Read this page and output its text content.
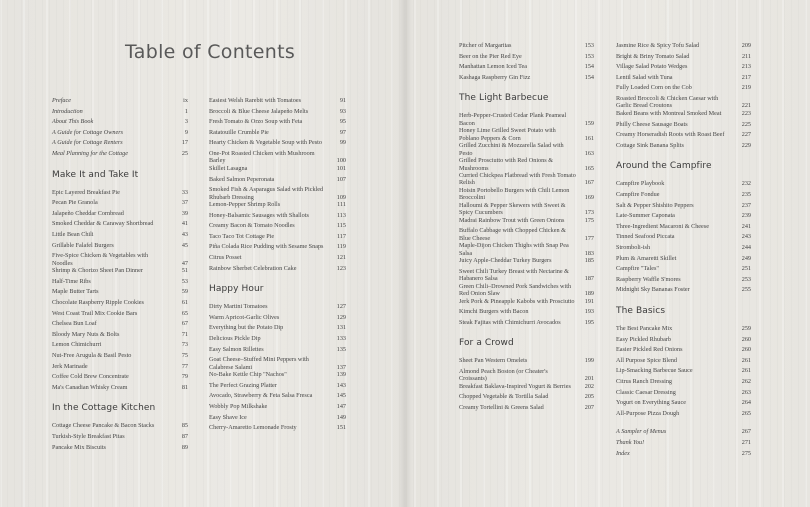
Table of Contents
Preface	ix
Introduction	1
About This Book	3
A Guide for Cottage Owners	9
A Guide for Cottage Renters	17
Meal Planning for the Cottage	25
Make It and Take It
Epic Layered Breakfast Pie	33
Pecan Pie Granola	37
Jalapeño Cheddar Cornbread	39
Smoked Cheddar & Caraway Shortbread	41
Little Bean Chili	43
Grillable Falafel Burgers	45
Five-Spice Chicken & Vegetables with Noodles	47
Shrimp & Chorizo Sheet Pan Dinner	51
Half-Time Ribs	53
Maple Butter Tarts	59
Chocolate Raspberry Ripple Cookies	61
West Coast Trail Mix Cookie Bars	65
Chelsea Bun Loaf	67
Bloody Mary Nuts & Bolts	71
Lemon Chimichurri	73
Nut-Free Arugula & Basil Pesto	75
Jerk Marinade	77
Coffee Cold Brew Concentrate	79
Ma's Canadian Whisky Cream	81
In the Cottage Kitchen
Cottage Cheese Pancake & Bacon Stacks	85
Turkish-Style Breakfast Pitas	87
Pancake Mix Biscuits	89
Easiest Welsh Rarebit with Tomatoes	91
Broccoli & Blue Cheese Jalapeño Melts	93
Fresh Tomato & Orzo Soup with Feta	95
Ratatouille Crumble Pie	97
Hearty Chicken & Vegetable Soup with Pesto	99
One-Pot Roasted Chicken with Mushroom Barley	100
Skillet Lasagna	101
Baked Salmon Peperonata	107
Smoked Fish & Asparagus Salad with Pickled Rhubarb Dressing	109
Lemon-Pepper Shrimp Rolls	111
Honey-Balsamic Sausages with Shallots	113
Creamy Bacon & Tomato Noodles	115
Taco Taco Tot Cottage Pie	117
Piña Colada Rice Pudding with Sesame Snaps	119
Citrus Posset	121
Rainbow Sherbet Celebration Cake	123
Happy Hour
Dirty Martini Tomatoes	127
Warm Apricot-Garlic Olives	129
Everything but the Potato Dip	131
Delicious Pickle Dip	133
Easy Salmon Rillettes	135
Goat Cheese–Stuffed Mini Peppers with Calabrese Salami	137
No-Bake Kettle Chip "Nachos"	139
The Perfect Grazing Platter	143
Avocado, Strawberry & Feta Salsa Fresca	145
Wobbly Pop Milkshake	147
Easy Shave Ice	149
Cherry-Amaretto Lemonade Frosty	151
Pitcher of Margaritas	153
Beer on the Pier Red Eye	153
Manhattan Lemon Iced Tea	154
Kashaga Raspberry Gin Fizz	154
The Light Barbecue
Herb-Pepper-Crusted Cedar Plank Peameal Bacon	159
Honey Lime Grilled Sweet Potato with Poblano Peppers & Corn	161
Grilled Zucchini & Mozzarella Salad with Pesto	163
Grilled Prosciutto with Red Onions & Mushrooms	165
Curried Chickpea Flatbread with Fresh Tomato Relish	167
Hoisin Portobello Burgers with Chili Lemon Broccolini	169
Halloumi & Pepper Skewers with Sweet & Spicy Cucumbers	173
Madrai Rainbow Trout with Green Onions	175
Buffalo Cabbage with Chopped Chicken & Blue Cheese	177
Maple-Dijon Chicken Thighs with Snap Pea Salsa	183
Juicy Apple-Cheddar Turkey Burgers	185
Sweet Chili Turkey Breast with Nectarine & Habanero Salsa	187
Green Chili–Drowned Pork Sandwiches with Red Onion Slaw	189
Jerk Pork & Pineapple Kabobs with Prosciutto	191
Kimchi Burgers with Bacon	193
Steak Fajitas with Chimichurri Avocados	195
For a Crowd
Sheet Pan Western Omelets	199
Almond Peach Boston (or Cheater's Croissants)	201
Breakfast Baklava-Inspired Yogurt & Berries	202
Chopped Vegetable & Tortilla Salad	205
Creamy Tortellini & Greens Salad	207
Jasmine Rice & Spicy Tofu Salad	209
Bright & Briny Tomato Salad	211
Village Salad Potato Wedges	213
Lentil Salad with Tuna	217
Fully Loaded Corn on the Cob	219
Roasted Broccoli & Chicken Caesar with Garlic Bread Croutons	221
Baked Beans with Montreal Smoked Meat	223
Philly Cheese Sausage Boats	225
Creamy Horseradish Roots with Roast Beef	227
Cottage Sink Banana Splits	229
Around the Campfire
Campfire Playbook	232
Campfire Fondue	235
Salt & Pepper Shishito Peppers	237
Late-Summer Caponata	239
Three-Ingredient Macaroni & Cheese	241
Tinned Seafood Piccata	243
Stromboli-ish	244
Plum & Amaretti Skillet	249
Campfire "Tales"	251
Raspberry Waffle S'mores	253
Midnight Sky Bananas Foster	255
The Basics
The Best Pancake Mix	259
Easy Pickled Rhubarb	260
Easier Pickled Red Onions	260
All Purpose Spice Blend	261
Lip-Smacking Barbecue Sauce	261
Citrus Ranch Dressing	262
Classic Caesar Dressing	263
Yogurt on Everything Sauce	264
All-Purpose Pizza Dough	265
A Sampler of Menus	267
Thank You!	271
Index	275
